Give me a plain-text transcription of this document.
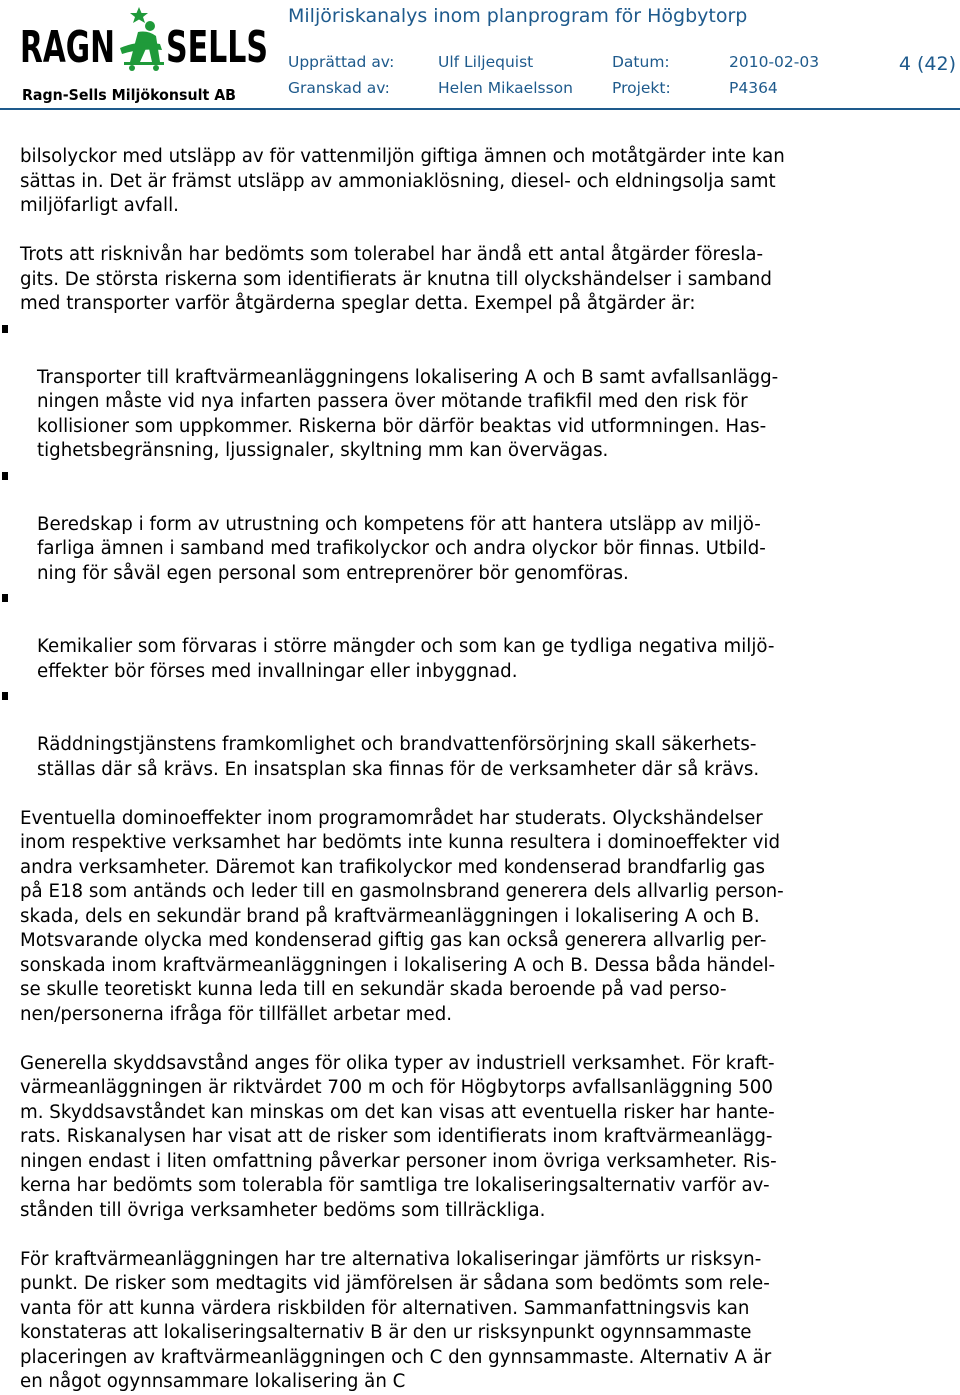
RAGN SELLS
Ragn-Sells Miljökonsult AB
Miljöriskanalys inom planprogram för Högbytorp
Upprättad av:	Ulf Liljequist	Datum:	2010-02-03
Granskad av:	Helen Mikaelsson	Projekt:	P4364
4 (42)

bilsolyckor med utsläpp av för vattenmiljön giftiga ämnen och motåtgärder inte kan
sättas in. Det är främst utsläpp av ammoniaklösning, diesel- och eldningsolja samt
miljöfarligt avfall.

Trots att risknivån har bedömts som tolerabel har ändå ett antal åtgärder föresla-
gits. De största riskerna som identifierats är knutna till olyckshändelser i samband
med transporter varför åtgärderna speglar detta. Exempel på åtgärder är:

Transporter till kraftvärmeanläggningens lokalisering A och B samt avfallsanlägg-
ningen måste vid nya infarten passera över mötande trafikfil med den risk för
kollisioner som uppkommer. Riskerna bör därför beaktas vid utformningen. Has-
tighetsbegränsning, ljussignaler, skyltning mm kan övervägas.

Beredskap i form av utrustning och kompetens för att hantera utsläpp av miljö-
farliga ämnen i samband med trafikolyckor och andra olyckor bör finnas. Utbild-
ning för såväl egen personal som entreprenörer bör genomföras.

Kemikalier som förvaras i större mängder och som kan ge tydliga negativa miljö-
effekter bör förses med invallningar eller inbyggnad.

Räddningstjänstens framkomlighet och brandvattenförsörjning skall säkerhets-
ställas där så krävs. En insatsplan ska finnas för de verksamheter där så krävs.

Eventuella dominoeffekter inom programområdet har studerats. Olyckshändelser
inom respektive verksamhet har bedömts inte kunna resultera i dominoeffekter vid
andra verksamheter. Däremot kan trafikolyckor med kondenserad brandfarlig gas
på E18 som antänds och leder till en gasmolnsbrand generera dels allvarlig person-
skada, dels en sekundär brand på kraftvärmeanläggningen i lokalisering A och B.
Motsvarande olycka med kondenserad giftig gas kan också generera allvarlig per-
sonskada inom kraftvärmeanläggningen i lokalisering A och B. Dessa båda händel-
se skulle teoretiskt kunna leda till en sekundär skada beroende på vad perso-
nen/personerna ifråga för tillfället arbetar med.

Generella skyddsavstånd anges för olika typer av industriell verksamhet. För kraft-
värmeanläggningen är riktvärdet 700 m och för Högbytorps avfallsanläggning 500
m. Skyddsavståndet kan minskas om det kan visas att eventuella risker har hante-
rats. Riskanalysen har visat att de risker som identifierats inom kraftvärmeanlägg-
ningen endast i liten omfattning påverkar personer inom övriga verksamheter. Ris-
kerna har bedömts som tolerabla för samtliga tre lokaliseringsalternativ varför av-
stånden till övriga verksamheter bedöms som tillräckliga.

För kraftvärmeanläggningen har tre alternativa lokaliseringar jämförts ur risksyn-
punkt. De risker som medtagits vid jämförelsen är sådana som bedömts som rele-
vanta för att kunna värdera riskbilden för alternativen. Sammanfattningsvis kan
konstateras att lokaliseringsalternativ B är den ur risksynpunkt ogynnsammaste
placeringen av kraftvärmeanläggningen och C den gynnsammaste. Alternativ A är
en något ogynnsammare lokalisering än C
